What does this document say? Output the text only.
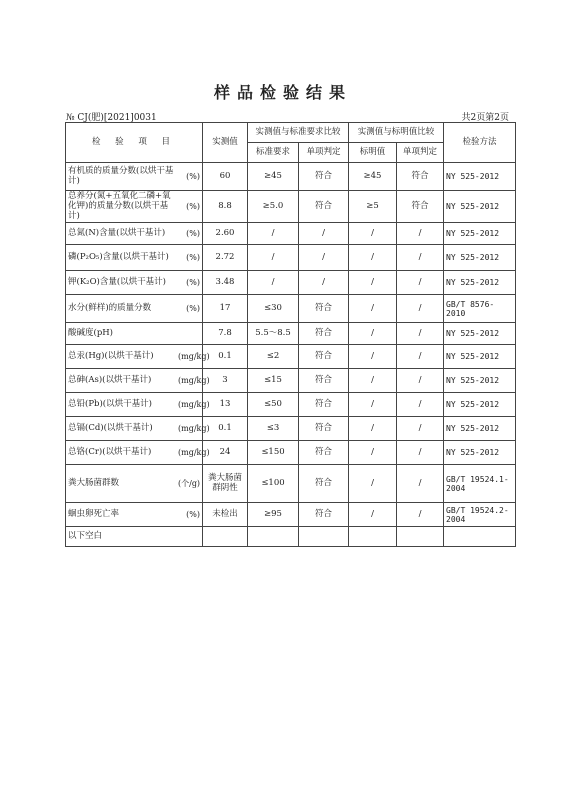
样品检验结果
№ CJ(肥)[2021]0031	共2页第2页
检 验 项 目	实测值	实测值与标准要求比较		实测值与标明值比较		检验方法
		标准要求	单项判定	标明值	单项判定	

有机质的质量分数(以烘干基计) (%)	60	≥45	符合	≥45	符合	NY 525-2012

总养分(氮+五氧化二磷+氧化钾)的质量分数(以烘干基计)
(%)	8.8	≥5.0	符合	≥5	符合	NY 525-2012

总氮(N)含量(以烘干基计) (%)	2.60	/	/	/	/	NY 525-2012

磷(P₂O₅)含量(以烘干基计) (%)	2.72	/	/	/	/	NY 525-2012

钾(K₂O)含量(以烘干基计) (%)	3.48	/	/	/	/	NY 525-2012

水分(鲜样)的质量分数 (%)	17	≤30	符合	/	/	GB/T 8576-2010

酸碱度(pH)	7.8	5.5～8.5	符合	/	/	NY 525-2012

总汞(Hg)(以烘干基计) (mg/kg)	0.1	≤2	符合	/	/	NY 525-2012

总砷(As)(以烘干基计) (mg/kg)	3	≤15	符合	/	/	NY 525-2012

总铅(Pb)(以烘干基计) (mg/kg)	13	≤50	符合	/	/	NY 525-2012

总镉(Cd)(以烘干基计) (mg/kg)	0.1	≤3	符合	/	/	NY 525-2012

总铬(Cr)(以烘干基计) (mg/kg)	24	≤150	符合	/	/	NY 525-2012

粪大肠菌群数 (个/g)	粪大肠菌群阴性	≤100	符合	/	/	GB/T 19524.1-2004

蛔虫卵死亡率 (%)	未检出	≥95	符合	/	/	GB/T 19524.2-2004
以下空白						
